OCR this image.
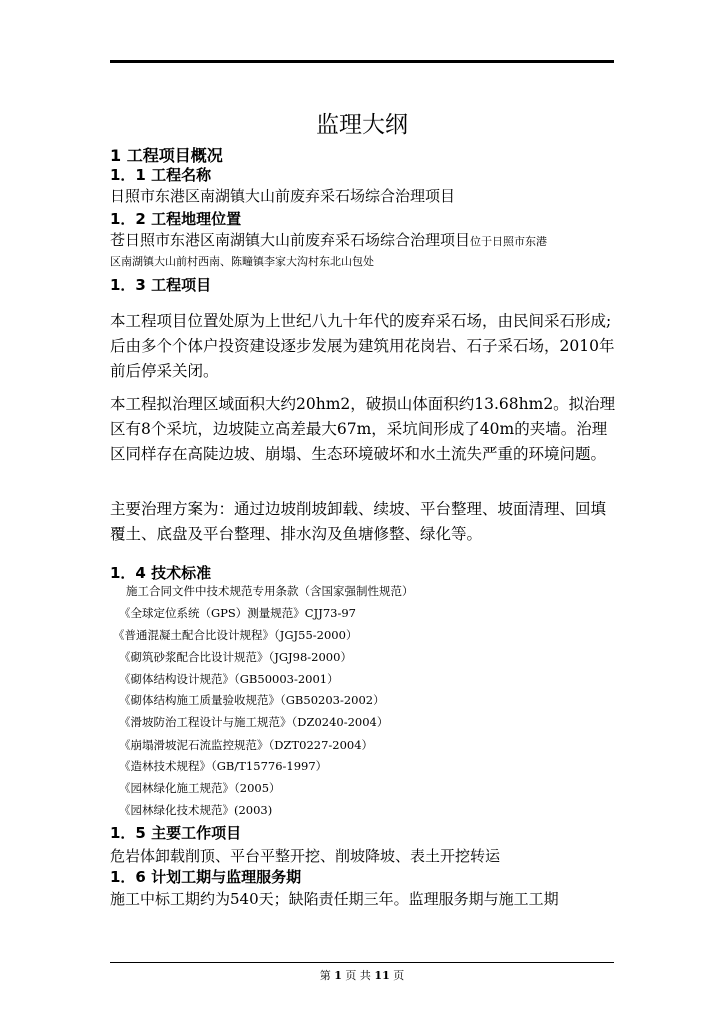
监理大纲
1 工程项目概况
1．1 工程名称
日照市东港区南湖镇大山前废弃采石场综合治理项目
1．2 工程地理位置
苍日照市东港区南湖镇大山前废弃采石场综合治理项目位于日照市东港
区南湖镇大山前村西南、陈疃镇李家大沟村东北山包处
1．3 工程项目
本工程项目位置处原为上世纪八九十年代的废弃采石场，由民间采石形成;后由多个个体户投资建设逐步发展为建筑用花岗岩、石子采石场，2010年前后停采关闭。
本工程拟治理区域面积大约20hm2，破损山体面积约13.68hm2。拟治理区有8个采坑，边坡陡立高差最大67m，采坑间形成了40m的夹墙。治理区同样存在高陡边坡、崩塌、生态环境破坏和水土流失严重的环境问题。
主要治理方案为：通过边坡削坡卸载、续坡、平台整理、坡面清理、回填覆土、底盘及平台整理、排水沟及鱼塘修整、绿化等。
1．4 技术标准
施工合同文件中技术规范专用条款（含国家强制性规范）
《全球定位系统（GPS）测量规范》CJJ73-97
《普通混凝土配合比设计规程》（JGJ55-2000）
《砌筑砂浆配合比设计规范》（JGJ98-2000）
《砌体结构设计规范》（GB50003-2001）
《砌体结构施工质量验收规范》（GB50203-2002）
《滑坡防治工程设计与施工规范》（DZ0240-2004）
《崩塌滑坡泥石流监控规范》（DZT0227-2004）
《造林技术规程》（GB/T15776-1997）
《园林绿化施工规范》（2005）
《园林绿化技术规范》(2003)
1．5 主要工作项目
危岩体卸载削顶、平台平整开挖、削坡降坡、表土开挖转运
1．6 计划工期与监理服务期
施工中标工期约为540天；缺陷责任期三年。监理服务期与施工工期
第 1 页 共 11 页
